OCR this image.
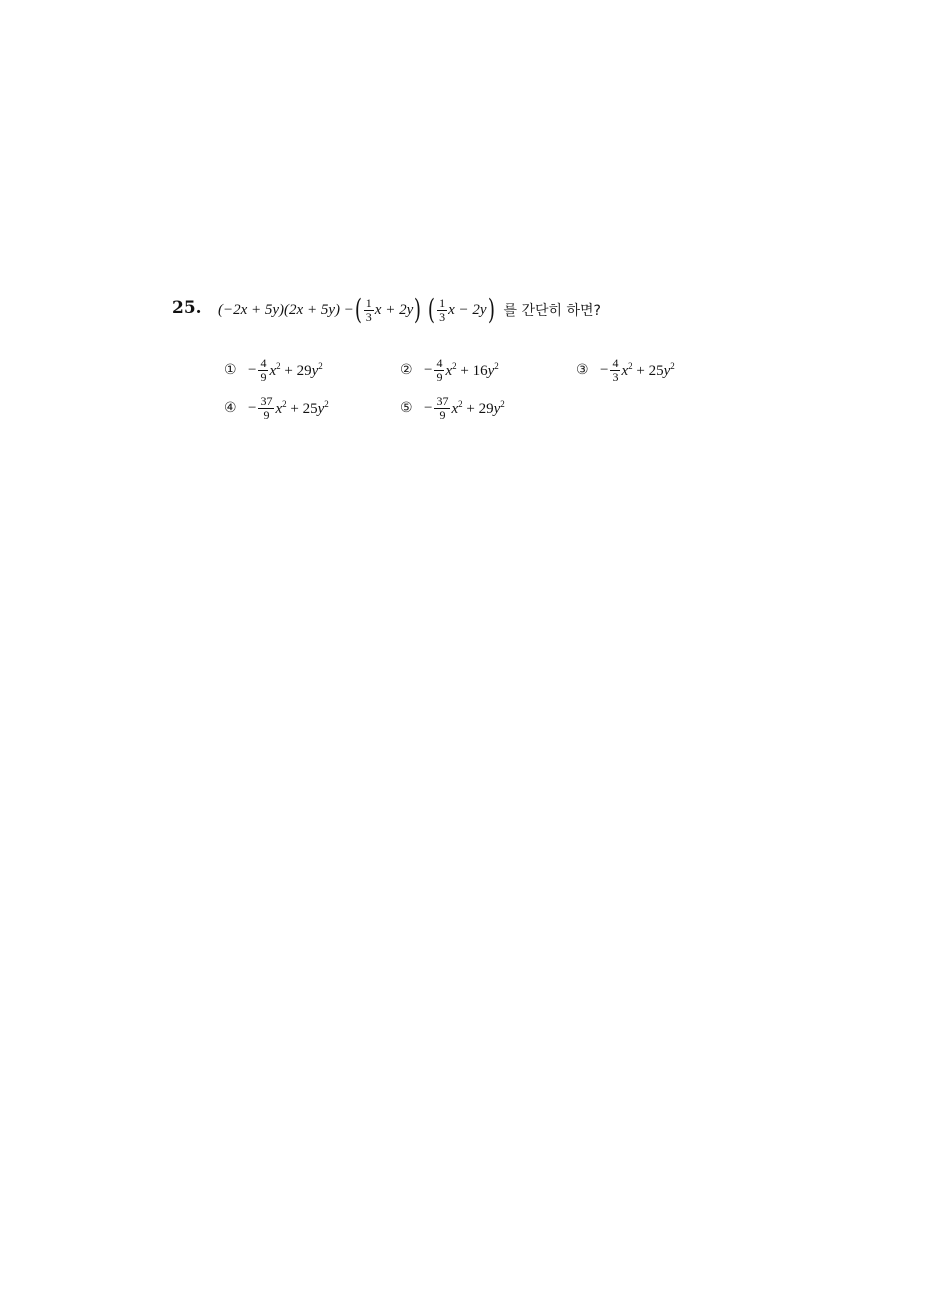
25. (−2x + 5y)(2x + 5y) − ( $\frac{1}{3}$ x + 2y ) ( $\frac{1}{3}$ x − 2y ) 를 간단히 하면?
① − $\frac{4}{9} x^2 + 29y^2$	② − $\frac{4}{9} x^2 + 16y^2$	③ − $\frac{4}{3} x^2 + 25y^2$
④ − $\frac{37}{9} x^2 + 25y^2$	⑤ − $\frac{37}{9} x^2 + 29y^2$
